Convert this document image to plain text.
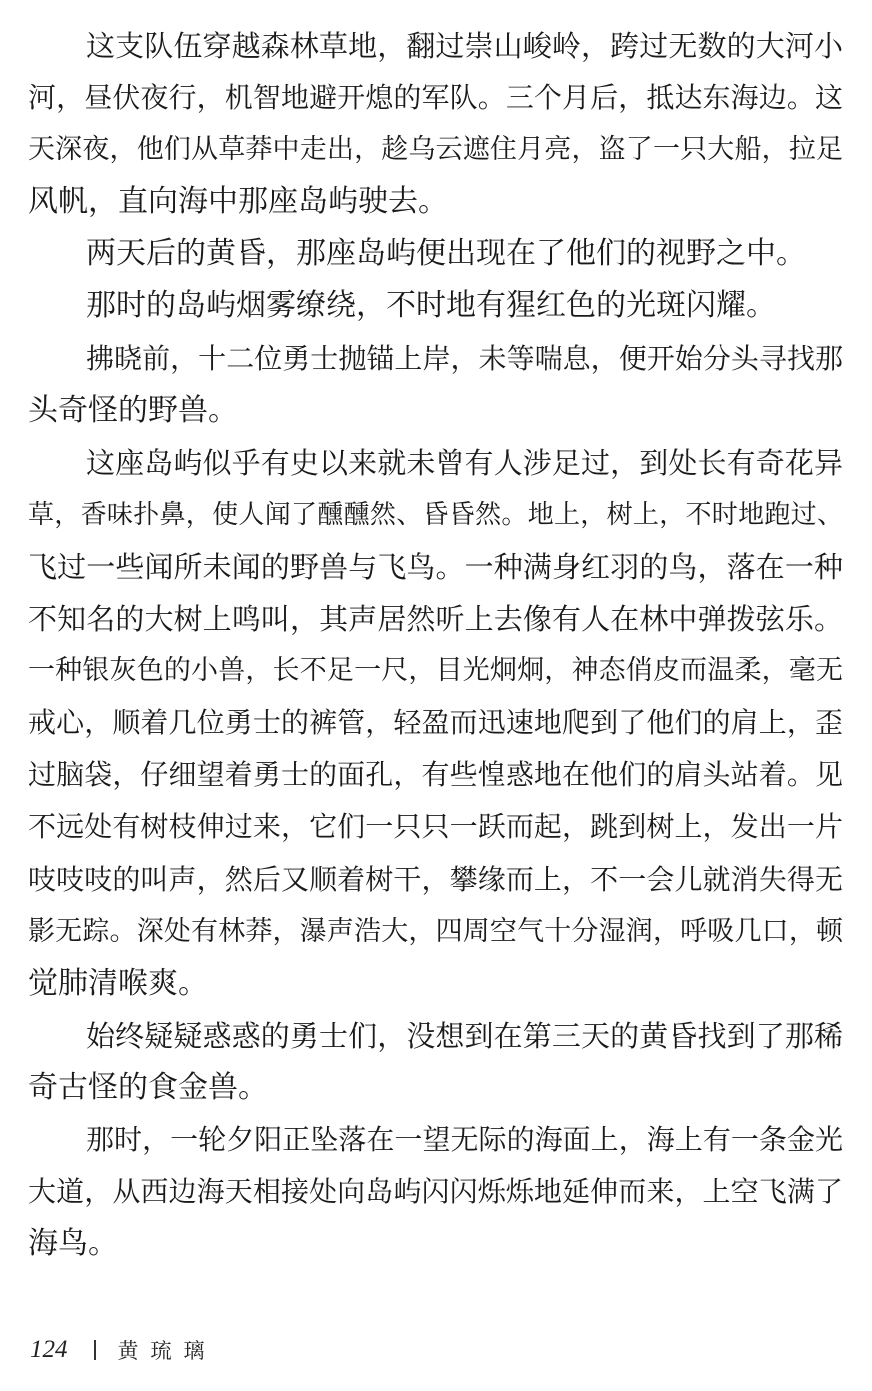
这支队伍穿越森林草地，翻过崇山峻岭，跨过无数的大河小
河，昼伏夜行，机智地避开熄的军队。三个月后，抵达东海边。这
天深夜，他们从草莽中走出，趁乌云遮住月亮，盗了一只大船，拉足
风帆，直向海中那座岛屿驶去。
两天后的黄昏，那座岛屿便出现在了他们的视野之中。
那时的岛屿烟雾缭绕，不时地有猩红色的光斑闪耀。
拂晓前，十二位勇士抛锚上岸，未等喘息，便开始分头寻找那
头奇怪的野兽。
这座岛屿似乎有史以来就未曾有人涉足过，到处长有奇花异
草，香味扑鼻，使人闻了醺醺然、昏昏然。地上，树上，不时地跑过、
飞过一些闻所未闻的野兽与飞鸟。一种满身红羽的鸟，落在一种
不知名的大树上鸣叫，其声居然听上去像有人在林中弹拨弦乐。
一种银灰色的小兽，长不足一尺，目光炯炯，神态俏皮而温柔，毫无
戒心，顺着几位勇士的裤管，轻盈而迅速地爬到了他们的肩上，歪
过脑袋，仔细望着勇士的面孔，有些惶惑地在他们的肩头站着。见
不远处有树枝伸过来，它们一只只一跃而起，跳到树上，发出一片
吱吱吱的叫声，然后又顺着树干，攀缘而上，不一会儿就消失得无
影无踪。深处有林莽，瀑声浩大，四周空气十分湿润，呼吸几口，顿
觉肺清喉爽。
始终疑疑惑惑的勇士们，没想到在第三天的黄昏找到了那稀
奇古怪的食金兽。
那时，一轮夕阳正坠落在一望无际的海面上，海上有一条金光
大道，从西边海天相接处向岛屿闪闪烁烁地延伸而来，上空飞满了
海鸟。
124 黄琉璃
